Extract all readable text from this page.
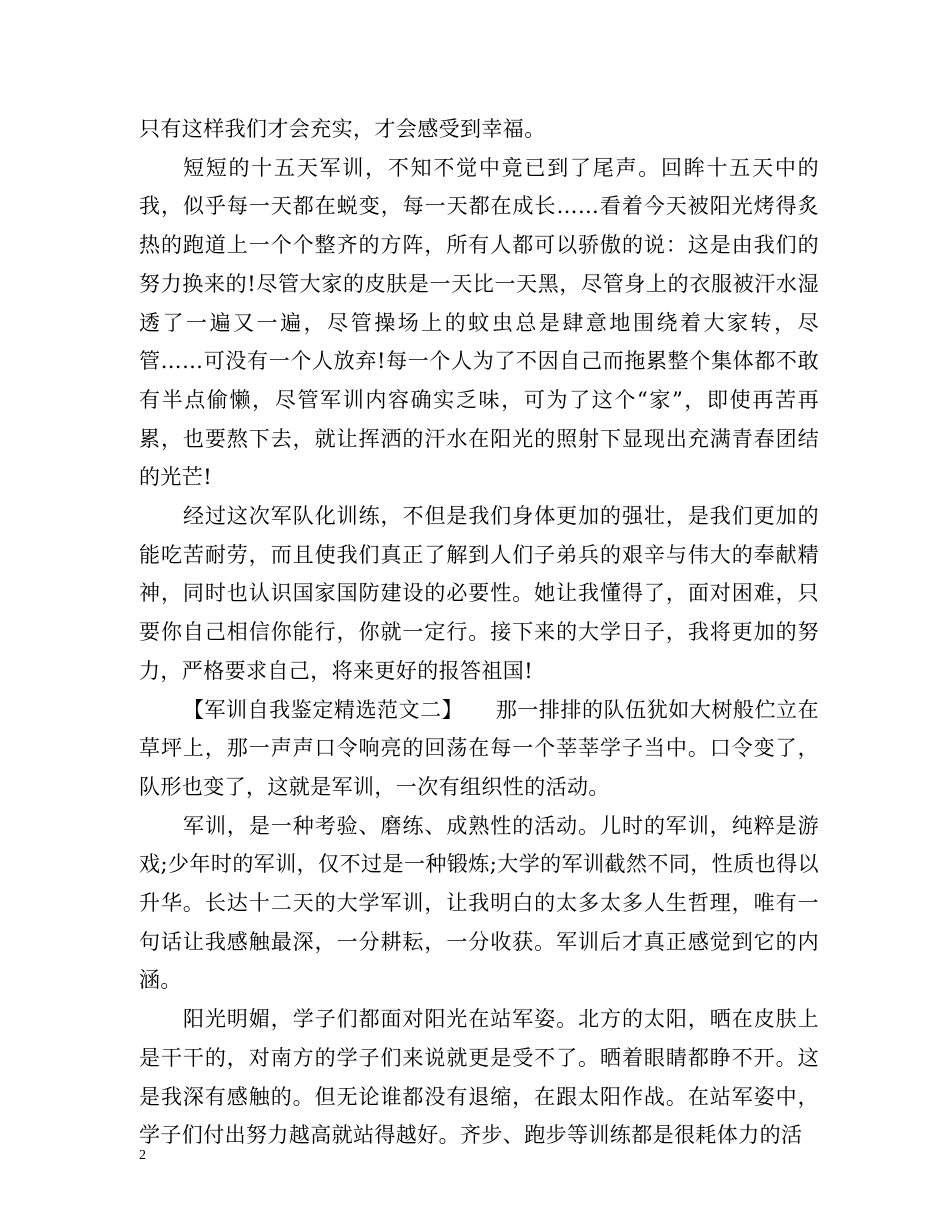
只有这样我们才会充实，才会感受到幸福。

短短的十五天军训，不知不觉中竟已到了尾声。回眸十五天中的我，似乎每一天都在蜕变，每一天都在成长……看着今天被阳光烤得炙热的跑道上一个个整齐的方阵，所有人都可以骄傲的说：这是由我们的努力换来的!尽管大家的皮肤是一天比一天黑，尽管身上的衣服被汗水湿透了一遍又一遍，尽管操场上的蚊虫总是肆意地围绕着大家转，尽管……可没有一个人放弃!每一个人为了不因自己而拖累整个集体都不敢有半点偷懒，尽管军训内容确实乏味，可为了这个“家”，即使再苦再累，也要熬下去，就让挥洒的汗水在阳光的照射下显现出充满青春团结的光芒!

经过这次军队化训练，不但是我们身体更加的强壮，是我们更加的能吃苦耐劳，而且使我们真正了解到人们子弟兵的艰辛与伟大的奉献精神，同时也认识国家国防建设的必要性。她让我懂得了，面对困难，只要你自己相信你能行，你就一定行。接下来的大学日子，我将更加的努力，严格要求自己，将来更好的报答祖国!

【军训自我鉴定精选范文二】　　那一排排的队伍犹如大树般伫立在草坪上，那一声声口令响亮的回荡在每一个莘莘学子当中。口令变了，队形也变了，这就是军训，一次有组织性的活动。

军训，是一种考验、磨练、成熟性的活动。儿时的军训，纯粹是游戏;少年时的军训，仅不过是一种锻炼;大学的军训截然不同，性质也得以升华。长达十二天的大学军训，让我明白的太多太多人生哲理，唯有一句话让我感触最深，一分耕耘，一分收获。军训后才真正感觉到它的内涵。

阳光明媚，学子们都面对阳光在站军姿。北方的太阳，晒在皮肤上是干干的，对南方的学子们来说就更是受不了。晒着眼睛都睁不开。这是我深有感触的。但无论谁都没有退缩，在跟太阳作战。在站军姿中，学子们付出努力越高就站得越好。齐步、跑步等训练都是很耗体力的活

2
